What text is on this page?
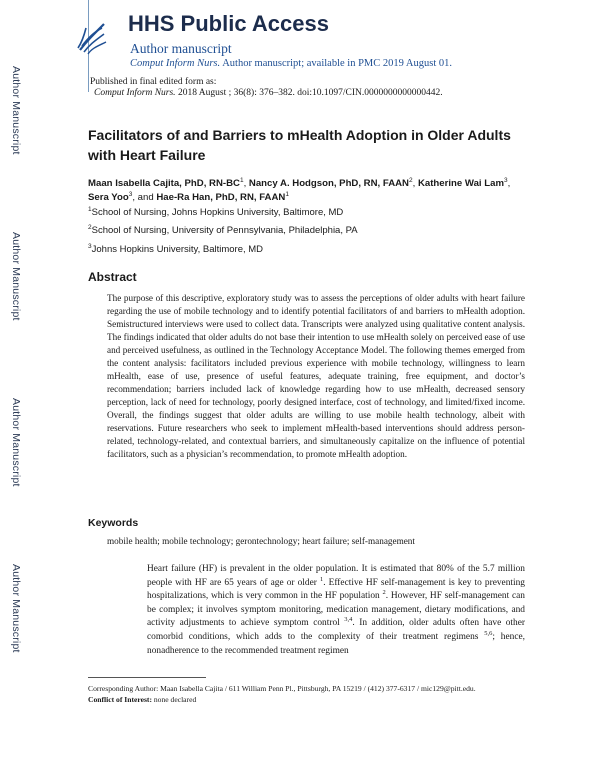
Author Manuscript
Author Manuscript
Author Manuscript
Author Manuscript
HHS Public Access
Author manuscript
Comput Inform Nurs. Author manuscript; available in PMC 2019 August 01.
Published in final edited form as:
Comput Inform Nurs. 2018 August ; 36(8): 376–382. doi:10.1097/CIN.0000000000000442.
Facilitators of and Barriers to mHealth Adoption in Older Adults with Heart Failure
Maan Isabella Cajita, PhD, $RN-BC^1$, Nancy A. Hodgson, PhD, RN, FAAN$^2$, Katherine Wai Lam$^3$, Sera Yoo$^3$, and Hae-Ra Han, PhD, RN, FAAN$^1$
$^1$School of Nursing, Johns Hopkins University, Baltimore, MD
$^2$School of Nursing, University of Pennsylvania, Philadelphia, PA
$^3$Johns Hopkins University, Baltimore, MD
Abstract
The purpose of this descriptive, exploratory study was to assess the perceptions of older adults with heart failure regarding the use of mobile technology and to identify potential facilitators of and barriers to mHealth adoption. Semistructured interviews were used to collect data. Transcripts were analyzed using qualitative content analysis. The findings indicated that older adults do not base their intention to use mHealth solely on perceived ease of use and perceived usefulness, as outlined in the Technology Acceptance Model. The following themes emerged from the content analysis: facilitators included previous experience with mobile technology, willingness to learn mHealth, ease of use, presence of useful features, adequate training, free equipment, and doctor’s recommendation; barriers included lack of knowledge regarding how to use mHealth, decreased sensory perception, lack of need for technology, poorly designed interface, cost of technology, and limited/fixed income. Overall, the findings suggest that older adults are willing to use mobile health technology, albeit with reservations. Future researchers who seek to implement mHealth-based interventions should address person-related, technology-related, and contextual barriers, and simultaneously capitalize on the influence of potential facilitators, such as a physician’s recommendation, to promote mHealth adoption.
Keywords
mobile health; mobile technology; gerontechnology; heart failure; self-management
Heart failure (HF) is prevalent in the older population. It is estimated that 80% of the 5.7 million people with HF are 65 years of age or older $^1$. Effective HF self-management is key to preventing hospitalizations, which is very common in the HF population $^2$. However, HF self-management can be complex; it involves symptom monitoring, medication management, dietary modifications, and activity adjustments to achieve symptom control $^{3,4}$. In addition, older adults often have other comorbid conditions, which adds to the complexity of their treatment regimens $^{5,6}$; hence, nonadherence to the recommended treatment regimen
Corresponding Author: Maan Isabella Cajita / 611 William Penn Pl., Pittsburgh, PA 15219 / (412) 377-6317 / mic129@pitt.edu.
Conflict of Interest: none declared
